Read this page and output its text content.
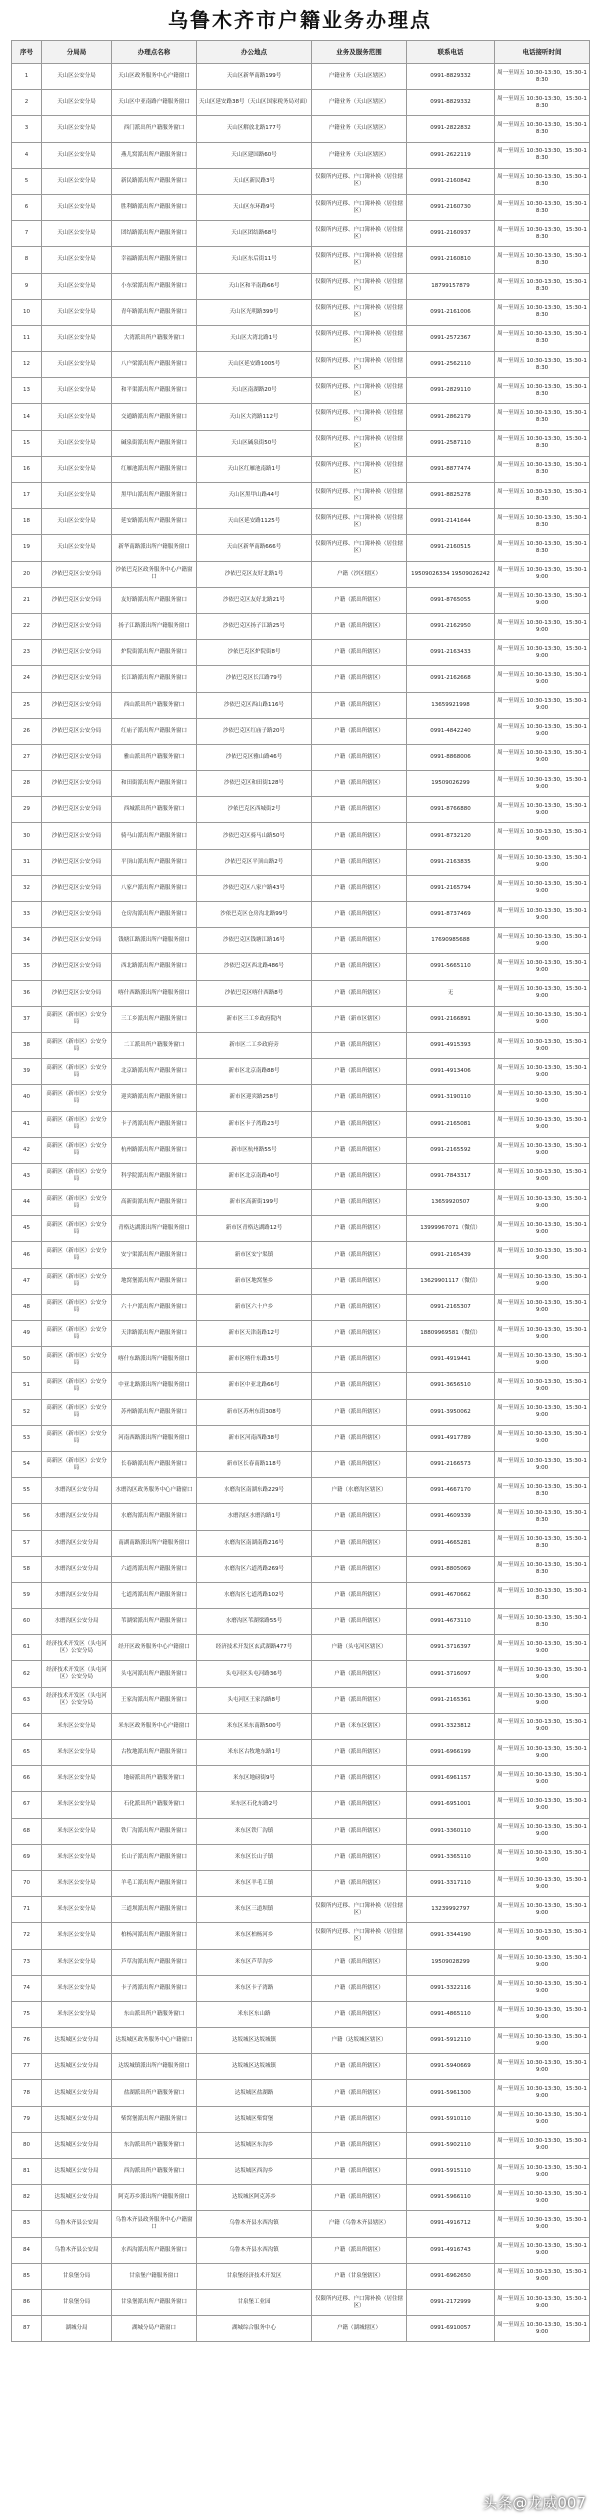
乌鲁木齐市户籍业务办理点
序号	分局局	办理点名称	办公地点	业务及服务范围	联系电话	电话接听时间
1	天山区公安分局	天山区政务服务中心户籍窗口	天山区新华南路199号	户籍业务（天山区辖区）	0991-8829332	周一至周五 10:30-13:30，15:30-18:30
2	天山区公安分局	天山区中亚南路户籍服务窗口	天山区延安路38号（天山区国家税务局对面）	户籍业务（天山区辖区）	0991-8829332	周一至周五 10:30-13:30，15:30-18:30
3	天山区公安分局	西门派出所户籍服务窗口	天山区解放北路177号	户籍业务（天山区辖区）	0991-2822832	周一至周五 10:30-13:30，15:30-18:30
4	天山区公安分局	燕儿窝派出所户籍服务窗口	天山区建国路60号	户籍业务（天山区辖区）	0991-2622119	周一至周五 10:30-13:30，15:30-18:30
5	天山区公安分局	新民路派出所户籍服务窗口	天山区新民路3号	仅限所内迁移、户口簿补换（居住辖区）	0991-2160842	周一至周五 10:30-13:30，15:30-18:30
6	天山区公安分局	胜利路派出所户籍服务窗口	天山区东环路9号	仅限所内迁移、户口簿补换（居住辖区）	0991-2160730	周一至周五 10:30-13:30，15:30-18:30
7	天山区公安分局	团结路派出所户籍服务窗口	天山区团结路68号	仅限所内迁移、户口簿补换（居住辖区）	0991-2160937	周一至周五 10:30-13:30，15:30-18:30
8	天山区公安分局	幸福路派出所户籍服务窗口	天山区东后街11号	仅限所内迁移、户口簿补换（居住辖区）	0991-2160810	周一至周五 10:30-13:30，15:30-18:30
9	天山区公安分局	小东梁派出所户籍服务窗口	天山区和平南路66号	仅限所内迁移、户口簿补换（居住辖区）	18799157879	周一至周五 10:30-13:30，15:30-18:30
10	天山区公安分局	青年路派出所户籍服务窗口	天山区光明路399号	仅限所内迁移、户口簿补换（居住辖区）	0991-2161006	周一至周五 10:30-13:30，15:30-18:30
11	天山区公安分局	大湾派出所户籍服务窗口	天山区大湾北路1号	仅限所内迁移、户口簿补换（居住辖区）	0991-2572367	周一至周五 10:30-13:30，15:30-18:30
12	天山区公安分局	八户梁派出所户籍服务窗口	天山区延安路1005号	仅限所内迁移、户口簿补换（居住辖区）	0991-2562110	周一至周五 10:30-13:30，15:30-18:30
13	天山区公安分局	和平渠派出所户籍服务窗口	天山区南湖路20号	仅限所内迁移、户口簿补换（居住辖区）	0991-2829110	周一至周五 10:30-13:30，15:30-18:30
14	天山区公安分局	交通路派出所户籍服务窗口	天山区大湾路112号	仅限所内迁移、户口簿补换（居住辖区）	0991-2862179	周一至周五 10:30-13:30，15:30-18:30
15	天山区公安分局	碱泉街派出所户籍服务窗口	天山区碱泉街50号	仅限所内迁移、户口簿补换（居住辖区）	0991-2587110	周一至周五 10:30-13:30，15:30-18:30
16	天山区公安分局	红雁池派出所户籍服务窗口	天山区红雁池南路1号	仅限所内迁移、户口簿补换（居住辖区）	0991-8877474	周一至周五 10:30-13:30，15:30-18:30
17	天山区公安分局	黑甲山派出所户籍服务窗口	天山区黑甲山路44号	仅限所内迁移、户口簿补换（居住辖区）	0991-8825278	周一至周五 10:30-13:30，15:30-18:30
18	天山区公安分局	延安路派出所户籍服务窗口	天山区延安路1125号	仅限所内迁移、户口簿补换（居住辖区）	0991-2141644	周一至周五 10:30-13:30，15:30-18:30
19	天山区公安分局	新华南路派出所户籍服务窗口	天山区新华南路666号	仅限所内迁移、户口簿补换（居住辖区）	0991-2160515	周一至周五 10:30-13:30，15:30-18:30
20	沙依巴克区公安分局	沙依巴克区政务服务中心户籍窗口	沙依巴克区友好北路1号	户籍（沙区辖区）	19509026334 19509026242	周一至周五 10:30-13:30，15:30-19:00
21	沙依巴克区公安分局	友好路派出所户籍服务窗口	沙依巴克区友好北路21号	户籍（派出所辖区）	0991-8765055	周一至周五 10:30-13:30，15:30-19:00
22	沙依巴克区公安分局	扬子江路派出所户籍服务窗口	沙依巴克区扬子江路25号	户籍（派出所辖区）	0991-2162950	周一至周五 10:30-13:30，15:30-19:00
23	沙依巴克区公安分局	炉院街派出所户籍服务窗口	沙依巴克区炉院街8号	户籍（派出所辖区）	0991-2163433	周一至周五 10:30-13:30，15:30-19:00
24	沙依巴克区公安分局	长江路派出所户籍服务窗口	沙依巴克区长江路79号	户籍（派出所辖区）	0991-2162668	周一至周五 10:30-13:30，15:30-19:00
25	沙依巴克区公安分局	西山派出所户籍服务窗口	沙依巴克区西山路116号	户籍（派出所辖区）	13659921998	周一至周五 10:30-13:30，15:30-19:00
26	沙依巴克区公安分局	红庙子派出所户籍服务窗口	沙依巴克区红庙子路20号	户籍（派出所辖区）	0991-4842240	周一至周五 10:30-13:30，15:30-19:00
27	沙依巴克区公安分局	雅山派出所户籍服务窗口	沙依巴克区雅山路46号	户籍（派出所辖区）	0991-8868006	周一至周五 10:30-13:30，15:30-19:00
28	沙依巴克区公安分局	和田街派出所户籍服务窗口	沙依巴克区和田街128号	户籍（派出所辖区）	19509026299	周一至周五 10:30-13:30，15:30-19:00
29	沙依巴克区公安分局	西城派出所户籍服务窗口	沙依巴克区西城街2号	户籍（派出所辖区）	0991-8766880	周一至周五 10:30-13:30，15:30-19:00
30	沙依巴克区公安分局	骑马山派出所户籍服务窗口	沙依巴克区骑马山路50号	户籍（派出所辖区）	0991-8732120	周一至周五 10:30-13:30，15:30-19:00
31	沙依巴克区公安分局	平顶山派出所户籍服务窗口	沙依巴克区平顶山路2号	户籍（派出所辖区）	0991-2163835	周一至周五 10:30-13:30，15:30-19:00
32	沙依巴克区公安分局	八家户派出所户籍服务窗口	沙依巴克区八家户路43号	户籍（派出所辖区）	0991-2165794	周一至周五 10:30-13:30，15:30-19:00
33	沙依巴克区公安分局	仓房沟派出所户籍服务窗口	沙依巴克区仓房沟北路99号	户籍（派出所辖区）	0991-8737469	周一至周五 10:30-13:30，15:30-19:00
34	沙依巴克区公安分局	钱塘江路派出所户籍服务窗口	沙依巴克区钱塘江路16号	户籍（派出所辖区）	17690985688	周一至周五 10:30-13:30，15:30-19:00
35	沙依巴克区公安分局	西北路派出所户籍服务窗口	沙依巴克区西北路486号	户籍（派出所辖区）	0991-5665110	周一至周五 10:30-13:30，15:30-19:00
36	沙依巴克区公安分局	喀什西路派出所户籍服务窗口	沙依巴克区喀什西路8号	户籍（派出所辖区）	无	周一至周五 10:30-13:30，15:30-19:00
37	高新区（新市区）公安分局	三工乡派出所户籍服务窗口	新市区三工乡政府院内	户籍（新市区辖区）	0991-2166891	周一至周五 10:30-13:30，15:30-19:00
38	高新区（新市区）公安分局	二工派出所户籍服务窗口	新市区二工乡政府旁	户籍（派出所辖区）	0991-4915393	周一至周五 10:30-13:30，15:30-19:00
39	高新区（新市区）公安分局	北京路派出所户籍服务窗口	新市区北京南路88号	户籍（派出所辖区）	0991-4913406	周一至周五 10:30-13:30，15:30-19:00
40	高新区（新市区）公安分局	迎宾路派出所户籍服务窗口	新市区迎宾路258号	户籍（派出所辖区）	0991-3190110	周一至周五 10:30-13:30，15:30-19:00
41	高新区（新市区）公安分局	卡子湾派出所户籍服务窗口	新市区卡子湾路23号	户籍（派出所辖区）	0991-2165081	周一至周五 10:30-13:30，15:30-19:00
42	高新区（新市区）公安分局	杭州路派出所户籍服务窗口	新市区杭州路55号	户籍（派出所辖区）	0991-2165592	周一至周五 10:30-13:30，15:30-19:00
43	高新区（新市区）公安分局	科学院派出所户籍服务窗口	新市区北京南路40号	户籍（派出所辖区）	0991-7843317	周一至周五 10:30-13:30，15:30-19:00
44	高新区（新市区）公安分局	高新街派出所户籍服务窗口	新市区高新街199号	户籍（派出所辖区）	13659920507	周一至周五 10:30-13:30，15:30-19:00
45	高新区（新市区）公安分局	青格达湖派出所户籍服务窗口	新市区青格达湖路12号	户籍（派出所辖区）	13999967071（微信）	周一至周五 10:30-13:30，15:30-19:00
46	高新区（新市区）公安分局	安宁渠派出所户籍服务窗口	新市区安宁渠镇	户籍（派出所辖区）	0991-2165439	周一至周五 10:30-13:30，15:30-19:00
47	高新区（新市区）公安分局	地窝堡派出所户籍服务窗口	新市区地窝堡乡	户籍（派出所辖区）	13629901117（微信）	周一至周五 10:30-13:30，15:30-19:00
48	高新区（新市区）公安分局	六十户派出所户籍服务窗口	新市区六十户乡	户籍（派出所辖区）	0991-2165307	周一至周五 10:30-13:30，15:30-19:00
49	高新区（新市区）公安分局	天津路派出所户籍服务窗口	新市区天津南路12号	户籍（派出所辖区）	18809969581（微信）	周一至周五 10:30-13:30，15:30-19:00
50	高新区（新市区）公安分局	喀什东路派出所户籍服务窗口	新市区喀什东路35号	户籍（派出所辖区）	0991-4919441	周一至周五 10:30-13:30，15:30-19:00
51	高新区（新市区）公安分局	中亚北路派出所户籍服务窗口	新市区中亚北路66号	户籍（派出所辖区）	0991-3656510	周一至周五 10:30-13:30，15:30-19:00
52	高新区（新市区）公安分局	苏州路派出所户籍服务窗口	新市区苏州东街308号	户籍（派出所辖区）	0991-3950062	周一至周五 10:30-13:30，15:30-19:00
53	高新区（新市区）公安分局	河南西路派出所户籍服务窗口	新市区河南西路38号	户籍（派出所辖区）	0991-4917789	周一至周五 10:30-13:30，15:30-19:00
54	高新区（新市区）公安分局	长春路派出所户籍服务窗口	新市区长春南路118号	户籍（派出所辖区）	0991-2166573	周一至周五 10:30-13:30，15:30-19:00
55	水磨沟区公安分局	水磨沟区政务服务中心户籍窗口	水磨沟区南湖东路229号	户籍（水磨沟区辖区）	0991-4667170	周一至周五 10:30-13:30，15:30-18:30
56	水磨沟区公安分局	水磨沟派出所户籍服务窗口	水磨沟区水磨沟路1号	户籍（派出所辖区）	0991-4609339	周一至周五 10:30-13:30，15:30-18:30
57	水磨沟区公安分局	南湖南路派出所户籍服务窗口	水磨沟区南湖南路216号	户籍（派出所辖区）	0991-4665281	周一至周五 10:30-13:30，15:30-18:30
58	水磨沟区公安分局	六道湾派出所户籍服务窗口	水磨沟区六道湾路269号	户籍（派出所辖区）	0991-8805069	周一至周五 10:30-13:30，15:30-18:30
59	水磨沟区公安分局	七道湾派出所户籍服务窗口	水磨沟区七道湾路102号	户籍（派出所辖区）	0991-4670662	周一至周五 10:30-13:30，15:30-18:30
60	水磨沟区公安分局	苇湖梁派出所户籍服务窗口	水磨沟区苇湖梁路55号	户籍（派出所辖区）	0991-4673110	周一至周五 10:30-13:30，15:30-18:30
61	经济技术开发区（头屯河区）公安分局	经开区政务服务中心户籍窗口	经济技术开发区玄武湖路477号	户籍（头屯河区辖区）	0991-3716397	周一至周五 10:30-13:30，15:30-19:00
62	经济技术开发区（头屯河区）公安分局	头屯河派出所户籍服务窗口	头屯河区头屯河路36号	户籍（派出所辖区）	0991-3716097	周一至周五 10:30-13:30，15:30-19:00
63	经济技术开发区（头屯河区）公安分局	王家沟派出所户籍服务窗口	头屯河区王家沟路8号	户籍（派出所辖区）	0991-2165361	周一至周五 10:30-13:30，15:30-19:00
64	米东区公安分局	米东区政务服务中心户籍窗口	米东区米东南路500号	户籍（米东区辖区）	0991-3323812	周一至周五 10:30-13:30，15:30-19:00
65	米东区公安分局	古牧地派出所户籍服务窗口	米东区古牧地东路1号	户籍（派出所辖区）	0991-6966199	周一至周五 10:30-13:30，15:30-19:00
66	米东区公安分局	地磅派出所户籍服务窗口	米东区地磅街9号	户籍（派出所辖区）	0991-6961157	周一至周五 10:30-13:30，15:30-19:00
67	米东区公安分局	石化派出所户籍服务窗口	米东区石化东路2号	户籍（派出所辖区）	0991-6951001	周一至周五 10:30-13:30，15:30-19:00
68	米东区公安分局	铁厂沟派出所户籍服务窗口	米东区铁厂沟镇	户籍（派出所辖区）	0991-3360110	周一至周五 10:30-13:30，15:30-19:00
69	米东区公安分局	长山子派出所户籍服务窗口	米东区长山子镇	户籍（派出所辖区）	0991-3365110	周一至周五 10:30-13:30，15:30-19:00
70	米东区公安分局	羊毛工派出所户籍服务窗口	米东区羊毛工镇	户籍（派出所辖区）	0991-3317110	周一至周五 10:30-13:30，15:30-19:00
71	米东区公安分局	三道坝派出所户籍服务窗口	米东区三道坝镇	仅限所内迁移、户口簿补换（居住辖区）	13239992797	周一至周五 10:30-13:30，15:30-19:00
72	米东区公安分局	柏杨河派出所户籍服务窗口	米东区柏杨河乡	仅限所内迁移、户口簿补换（居住辖区）	0991-3344190	周一至周五 10:30-13:30，15:30-19:00
73	米东区公安分局	芦草沟派出所户籍服务窗口	米东区芦草沟乡	户籍（派出所辖区）	19509028299	周一至周五 10:30-13:30，15:30-19:00
74	米东区公安分局	卡子湾派出所户籍服务窗口	米东区卡子湾路	户籍（派出所辖区）	0991-3322116	周一至周五 10:30-13:30，15:30-19:00
75	米东区公安分局	东山派出所户籍服务窗口	米东区东山路	户籍（派出所辖区）	0991-4865110	周一至周五 10:30-13:30，15:30-19:00
76	达坂城区公安分局	达坂城区政务服务中心户籍窗口	达坂城区达坂城镇	户籍（达坂城区辖区）	0991-5912110	周一至周五 10:30-13:30，15:30-19:00
77	达坂城区公安分局	达坂城镇派出所户籍服务窗口	达坂城区达坂城镇	户籍（派出所辖区）	0991-5940669	周一至周五 10:30-13:30，15:30-19:00
78	达坂城区公安分局	盐湖派出所户籍服务窗口	达坂城区盐湖路	户籍（派出所辖区）	0991-5961300	周一至周五 10:30-13:30，15:30-19:00
79	达坂城区公安分局	柴窝堡派出所户籍服务窗口	达坂城区柴窝堡	户籍（派出所辖区）	0991-5910110	周一至周五 10:30-13:30，15:30-19:00
80	达坂城区公安分局	东沟派出所户籍服务窗口	达坂城区东沟乡	户籍（派出所辖区）	0991-5902110	周一至周五 10:30-13:30，15:30-19:00
81	达坂城区公安分局	西沟派出所户籍服务窗口	达坂城区西沟乡	户籍（派出所辖区）	0991-5915110	周一至周五 10:30-13:30，15:30-19:00
82	达坂城区公安分局	阿克苏乡派出所户籍服务窗口	达坂城区阿克苏乡	户籍（派出所辖区）	0991-5966110	周一至周五 10:30-13:30，15:30-19:00
83	乌鲁木齐县公安局	乌鲁木齐县政务服务中心户籍窗口	乌鲁木齐县水西沟镇	户籍（乌鲁木齐县辖区）	0991-4916712	周一至周五 10:30-13:30，15:30-19:00
84	乌鲁木齐县公安局	水西沟派出所户籍服务窗口	乌鲁木齐县水西沟镇	户籍（派出所辖区）	0991-4916743	周一至周五 10:30-13:30，15:30-19:00
85	甘泉堡分局	甘泉堡户籍服务窗口	甘泉堡经济技术开发区	户籍（甘泉堡辖区）	0991-6962650	周一至周五 10:30-13:30，15:30-19:00
86	甘泉堡分局	甘泉堡派出所户籍服务窗口	甘泉堡工业园	仅限所内迁移、户口簿补换（居住辖区）	0991-2172999	周一至周五 10:30-13:30，15:30-19:00
87	湖城分局	湖城分局户籍窗口	湖城综合服务中心	户籍（湖城辖区）	0991-6910057	周一至周五 10:30-13:30，15:30-19:00
头条@龙威007
